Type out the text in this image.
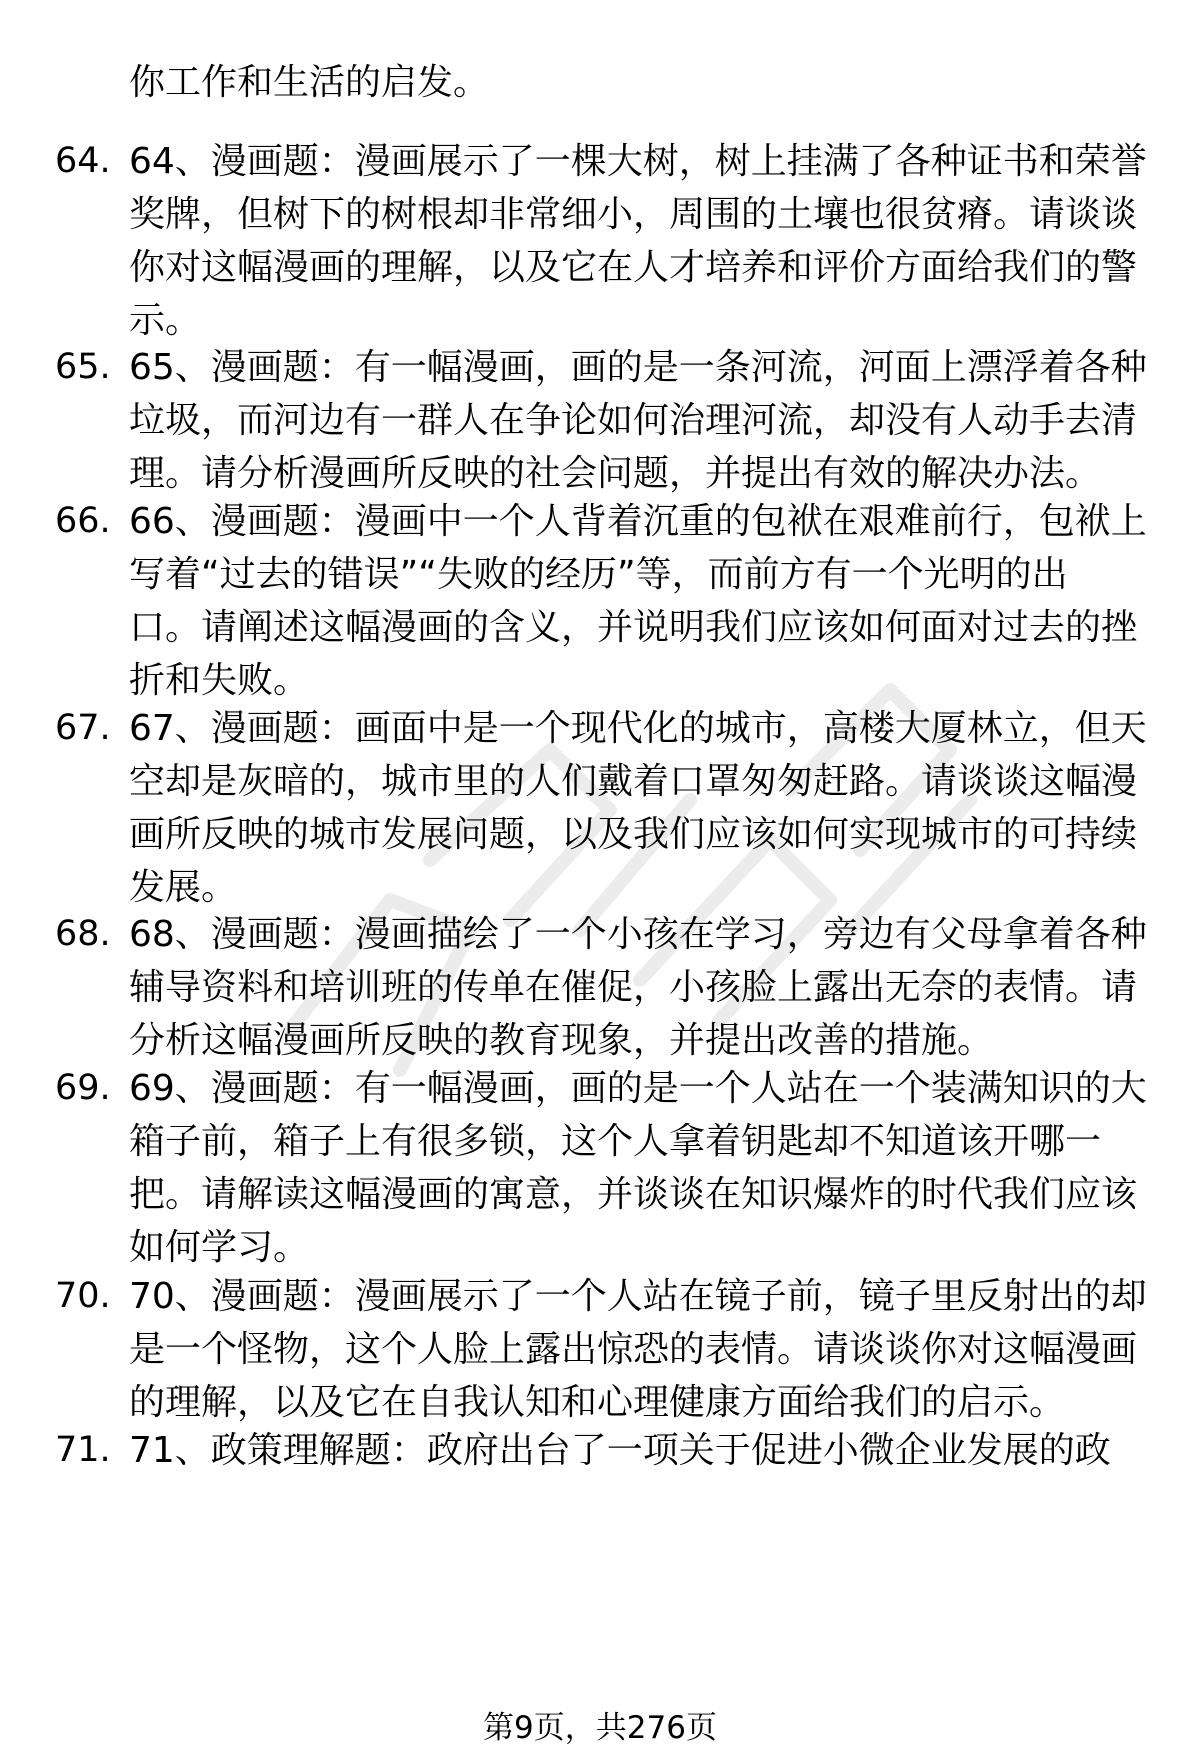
你工作和生活的启发。

64. 64、漫画题：漫画展示了一棵大树，树上挂满了各种证书和荣誉
奖牌，但树下的树根却非常细小，周围的土壤也很贫瘠。请谈谈
你对这幅漫画的理解，以及它在人才培养和评价方面给我们的警
示。
65. 65、漫画题：有一幅漫画，画的是一条河流，河面上漂浮着各种
垃圾，而河边有一群人在争论如何治理河流，却没有人动手去清
理。请分析漫画所反映的社会问题，并提出有效的解决办法。
66. 66、漫画题：漫画中一个人背着沉重的包袱在艰难前行，包袱上
写着“过去的错误”“失败的经历”等，而前方有一个光明的出
口。请阐述这幅漫画的含义，并说明我们应该如何面对过去的挫
折和失败。
67. 67、漫画题：画面中是一个现代化的城市，高楼大厦林立，但天
空却是灰暗的，城市里的人们戴着口罩匆匆赶路。请谈谈这幅漫
画所反映的城市发展问题，以及我们应该如何实现城市的可持续
发展。
68. 68、漫画题：漫画描绘了一个小孩在学习，旁边有父母拿着各种
辅导资料和培训班的传单在催促，小孩脸上露出无奈的表情。请
分析这幅漫画所反映的教育现象，并提出改善的措施。
69. 69、漫画题：有一幅漫画，画的是一个人站在一个装满知识的大
箱子前，箱子上有很多锁，这个人拿着钥匙却不知道该开哪一
把。请解读这幅漫画的寓意，并谈谈在知识爆炸的时代我们应该
如何学习。
70. 70、漫画题：漫画展示了一个人站在镜子前，镜子里反射出的却
是一个怪物，这个人脸上露出惊恐的表情。请谈谈你对这幅漫画
的理解，以及它在自我认知和心理健康方面给我们的启示。
71. 71、政策理解题：政府出台了一项关于促进小微企业发展的政
第9页，共276页
